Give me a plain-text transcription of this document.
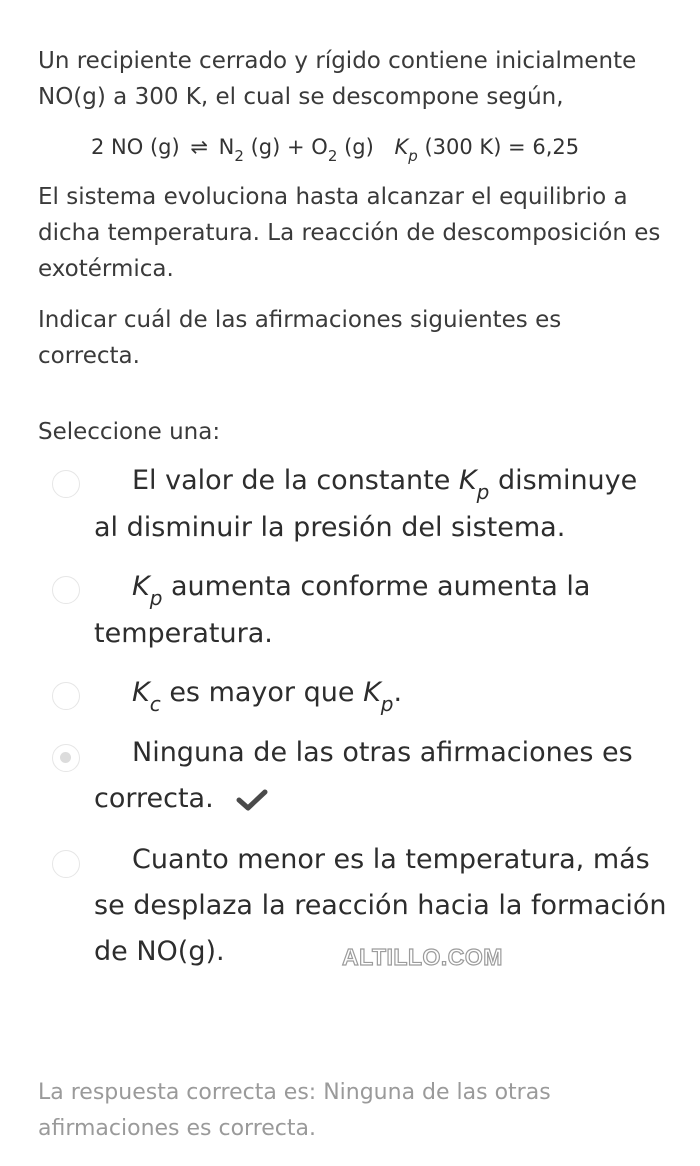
Un recipiente cerrado y rígido contiene inicialmente
NO(g) a 300 K, el cual se descompone según,
2 NO (g) ⇌ $N_2$ $(g) + O_2$ (g) $K_p$ (300 K) = 6,25
El sistema evoluciona hasta alcanzar el equilibrio a
dicha temperatura. La reacción de descomposición es
exotérmica.
Indicar cuál de las afirmaciones siguientes es
correcta.
Seleccione una:
El valor de la constante $K_p$ disminuye
al disminuir la presión del sistema.
$K_p$ aumenta conforme aumenta la
temperatura.
$K_c$ es mayor que $K_p$.
Ninguna de las otras afirmaciones es
correcta.
Cuanto menor es la temperatura, más
se desplaza la reacción hacia la formación
de NO(g).	ALTILLO.COM
La respuesta correcta es: Ninguna de las otras
afirmaciones es correcta.
